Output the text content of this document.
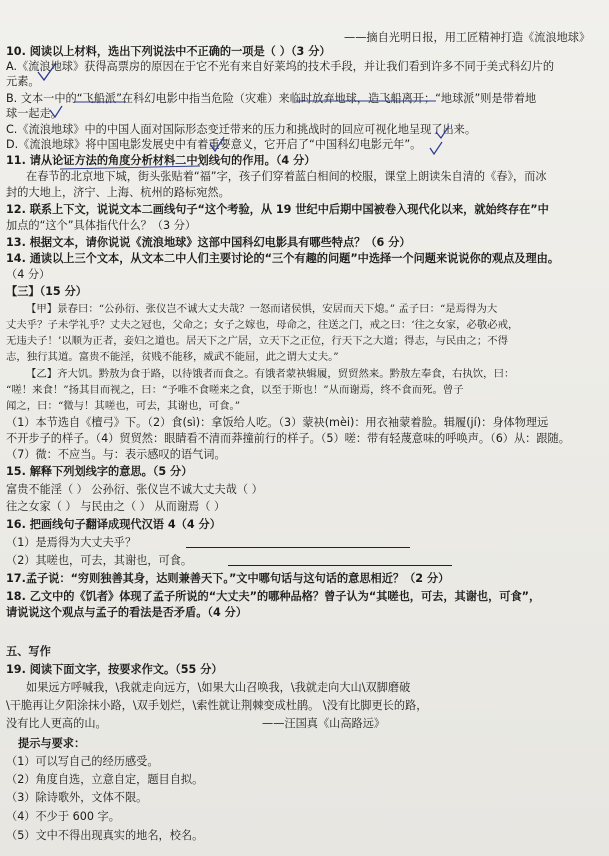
——摘自光明日报，用工匠精神打造《流浪地球》
10. 阅读以上材料，选出下列说法中不正确的一项是（ ）（3 分）
A.《流浪地球》获得高票房的原因在于它不光有来自好莱坞的技术手段，并让我们看到许多不同于美式科幻片的
元素。
B. 文本一中的“飞船派”在科幻电影中指当危险（灾难）来临时放弃地球，造飞船离开；“地球派”则是带着地
球一起走。
C.《流浪地球》中的中国人面对国际形态变迁带来的压力和挑战时的回应可视化地呈现了出来。
D.《流浪地球》将中国电影发展史中有着重要意义，它开启了“中国科幻电影元年”。
11. 请从论证方法的角度分析材料二中划线句的作用。（4 分）
在春节的北京地下城，街头张贴着“福”字，孩子们穿着蓝白相间的校服，课堂上朗读朱自清的《春》，而冰
封的大地上，济宁、上海、杭州的路标宛然。
12. 联系上下文，说说文本二画线句子“这个考验，从 19 世纪中后期中国被卷入现代化以来，就始终存在”中
加点的“这个”具体指代什么？（3 分）
13. 根据文本，请你说说《流浪地球》这部中国科幻电影具有哪些特点？（6 分）
14. 通读以上三个文本，从文本二中人们主要讨论的“三个有趣的问题”中选择一个问题来说说你的观点及理由。
（4 分）
【三】（15 分）
【甲】景春曰：“公孙衍、张仪岂不诚大丈夫哉？一怒而诸侯惧，安居而天下熄。” 孟子曰：“是焉得为大
丈夫乎？子未学礼乎？丈夫之冠也，父命之；女子之嫁也，母命之，往送之门，戒之曰：‘往之女家，必敬必戒，
无违夫子！’以顺为正者，妾妇之道也。居天下之广居，立天下之正位，行天下之大道；得志，与民由之；不得
志，独行其道。富贵不能淫，贫贱不能移，威武不能屈，此之谓大丈夫。”
【乙】齐大饥。黔敖为食于路，以待饿者而食之。有饿者蒙袂辑履，贸贸然来。黔敖左奉食，右执饮，曰：
“嗟！来食！”扬其目而视之，曰：“予唯不食嗟来之食，以至于斯也！”从而谢焉，终不食而死。曾子
闻之，曰：“微与！其嗟也，可去，其谢也，可食。”
（1）本节选自《檀弓》下。（2）食(sì)：拿饭给人吃。（3）蒙袂(mèi)：用衣袖蒙着脸。辑履(jí)：身体物理远
不开步子的样子。（4）贸贸然：眼睛看不清而莽撞前行的样子。（5）嗟：带有轻蔑意味的呼唤声。（6）从：跟随。
（7）微：不应当。与：表示感叹的语气词。
15. 解释下列划线字的意思。（5 分）
富贵不能淫（ ） 公孙衍、张仪岂不诚大丈夫哉（ ）
往之女家（ ） 与民由之（ ） 从而谢焉（ ）
16. 把画线句子翻译成现代汉语 4（4 分）
（1）是焉得为大丈夫乎？
（2）其嗟也，可去，其谢也，可食。
17.孟子说：“穷则独善其身，达则兼善天下。”文中哪句话与这句话的意思相近？（2 分）
18. 乙文中的《饥者》体现了孟子所说的“大丈夫”的哪种品格？曾子认为“其嗟也，可去，其谢也，可食”，
请说说这个观点与孟子的看法是否矛盾。（4 分）
五、写作
19. 阅读下面文字，按要求作文。（55 分）
如果远方呼喊我，\我就走向远方，\如果大山召唤我，\我就走向大山\双脚磨破
\干脆再让夕阳涂抹小路，\双手划烂，\索性就让荆棘变成杜鹃。 \没有比脚更长的路，
没有比人更高的山。	——汪国真《山高路远》
提示与要求：
（1）可以写自己的经历感受。
（2）角度自选，立意自定，题目自拟。
（3）除诗歌外，文体不限。
（4）不少于 600 字。
（5）文中不得出现真实的地名，校名。
